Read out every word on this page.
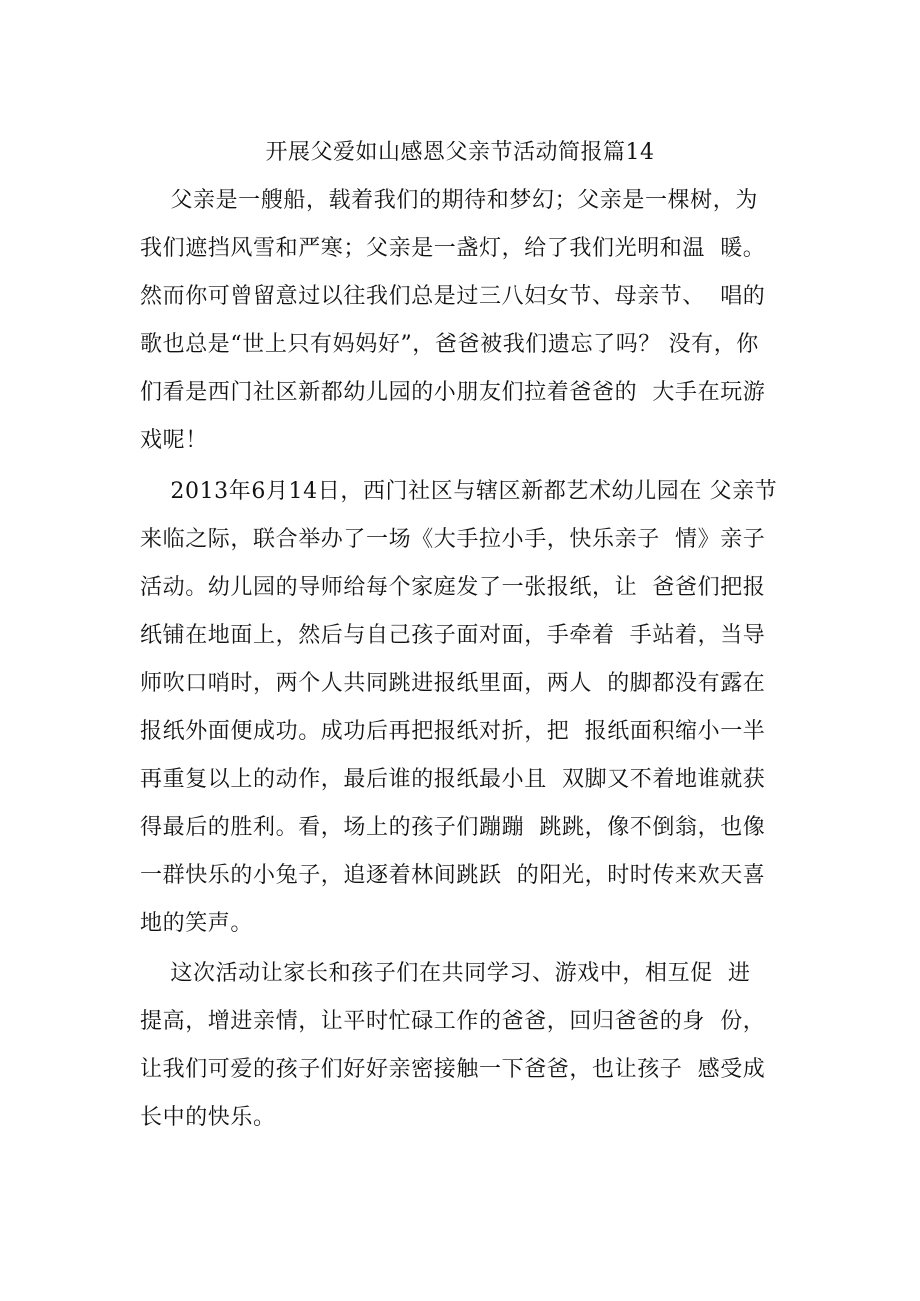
开展父爱如山感恩父亲节活动简报篇14
父亲是一艘船，载着我们的期待和梦幻；父亲是一棵树，为
我们遮挡风雪和严寒；父亲是一盏灯，给了我们光明和温  暖。
然而你可曾留意过以往我们总是过三八妇女节、母亲节、  唱的
歌也总是“世上只有妈妈好”，爸爸被我们遗忘了吗？ 没有，你
们看是西门社区新都幼儿园的小朋友们拉着爸爸的  大手在玩游
戏呢！
2013年6月14日，西门社区与辖区新都艺术幼儿园在 父亲节
来临之际，联合举办了一场《大手拉小手，快乐亲子  情》亲子
活动。幼儿园的导师给每个家庭发了一张报纸，让  爸爸们把报
纸铺在地面上，然后与自己孩子面对面，手牵着  手站着，当导
师吹口哨时，两个人共同跳进报纸里面，两人  的脚都没有露在
报纸外面便成功。成功后再把报纸对折，把  报纸面积缩小一半
再重复以上的动作，最后谁的报纸最小且  双脚又不着地谁就获
得最后的胜利。看，场上的孩子们蹦蹦  跳跳，像不倒翁，也像
一群快乐的小兔子，追逐着林间跳跃  的阳光，时时传来欢天喜
地的笑声。
这次活动让家长和孩子们在共同学习、游戏中，相互促  进
提高，增进亲情，让平时忙碌工作的爸爸，回归爸爸的身  份，
让我们可爱的孩子们好好亲密接触一下爸爸，也让孩子  感受成
长中的快乐。
